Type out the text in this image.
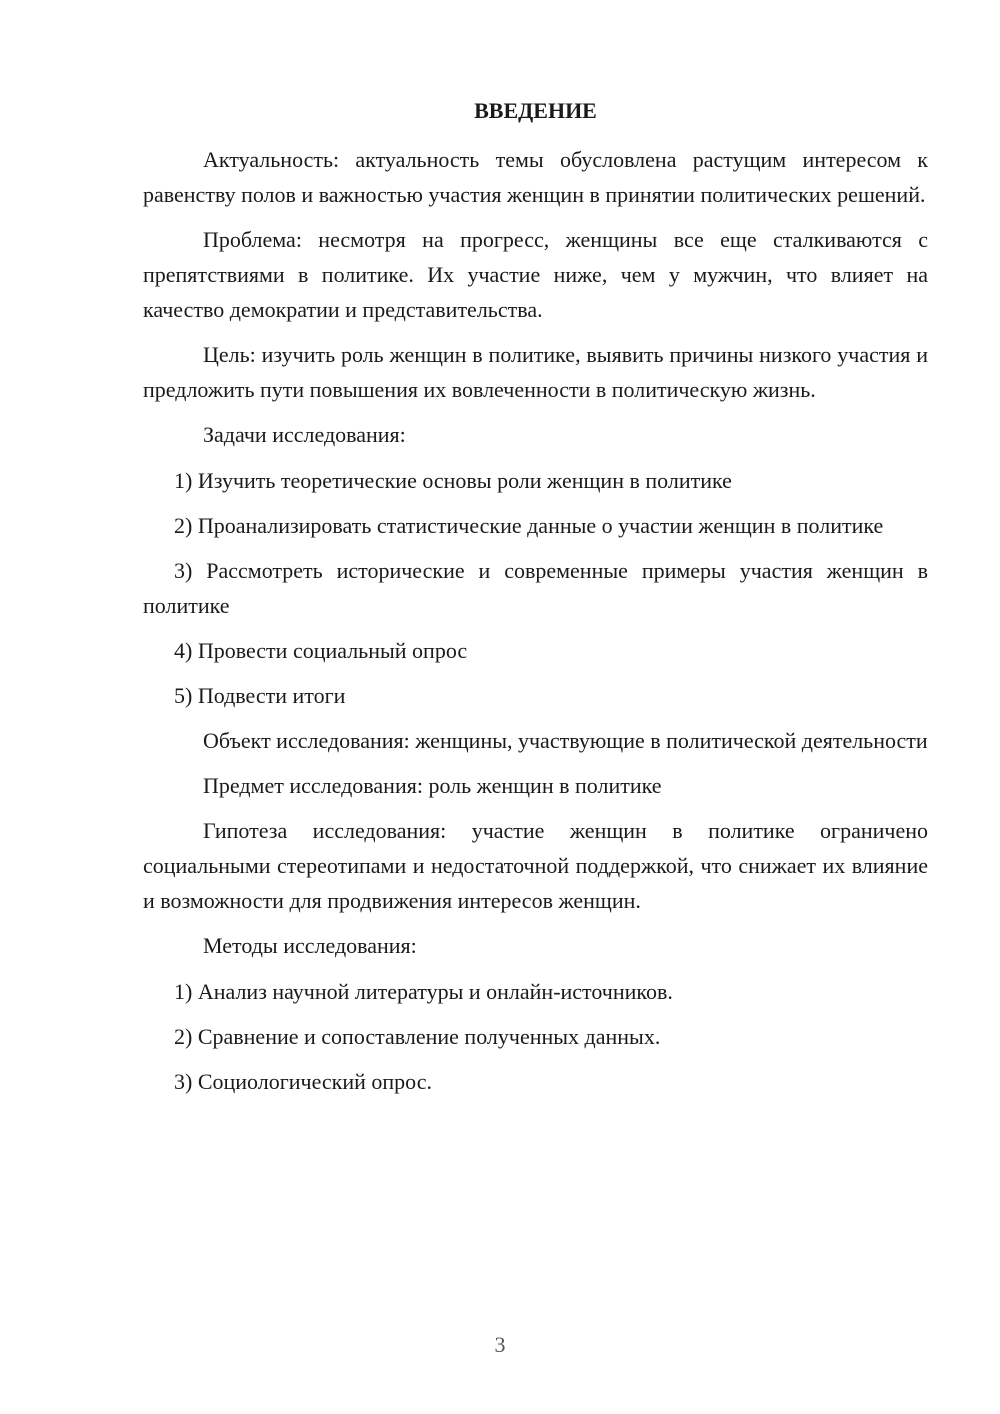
ВВЕДЕНИЕ
Актуальность: актуальность темы обусловлена растущим интересом к равенству полов и важностью участия женщин в принятии политических решений.
Проблема: несмотря на прогресс, женщины все еще сталкиваются с препятствиями в политике. Их участие ниже, чем у мужчин, что влияет на качество демократии и представительства.
Цель: изучить роль женщин в политике, выявить причины низкого участия и предложить пути повышения их вовлеченности в политическую жизнь.
Задачи исследования:
1) Изучить теоретические основы роли женщин в политике
2) Проанализировать статистические данные о участии женщин в политике
3) Рассмотреть исторические и современные примеры участия женщин в политике
4) Провести социальный опрос
5) Подвести итоги
Объект исследования: женщины, участвующие в политической деятельности
Предмет исследования: роль женщин в политике
Гипотеза исследования: участие женщин в политике ограничено социальными стереотипами и недостаточной поддержкой, что снижает их влияние и возможности для продвижения интересов женщин.
Методы исследования:
1) Анализ научной литературы и онлайн-источников.
2) Сравнение и сопоставление полученных данных.
3) Социологический опрос.
3
